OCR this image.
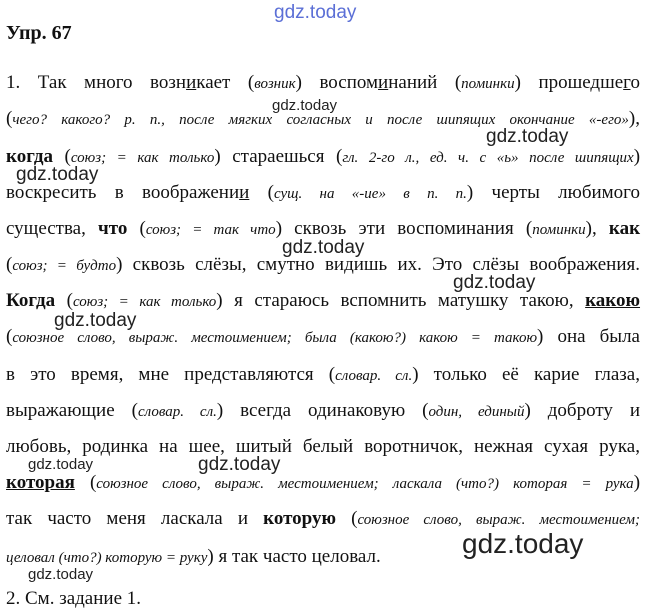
gdz.today
Упр. 67
1. Так много возникает (возник) воспоминаний (поминки) прошедшего
gdz.today
(чего? какого? р. п., после мягких согласных и после шипящих окончание «-его»),
gdz.today
когда (союз; = как только) стараешься (гл. 2-го л., ед. ч. с «ь» после шипящих)
gdz.today
воскресить в воображении (сущ. на «-ие» в п. п.) черты любимого
существа, что (союз; = так что) сквозь эти воспоминания (поминки), как
gdz.today
(союз; = будто) сквозь слёзы, смутно видишь их. Это слёзы воображения.
gdz.today
Когда (союз; = как только) я стараюсь вспомнить матушку такою, какою
gdz.today
(союзное слово, выраж. местоимением; была (какою?) какою = такою) она была
в это время, мне представляются (словар. сл.) только её карие глаза,
выражающие (словар. сл.) всегда одинаковую (один, единый) доброту и
любовь, родинка на шее, шитый белый воротничок, нежная сухая рука,
gdz.today	gdz.today
которая (союзное слово, выраж. местоимением; ласкала (что?) которая = рука)
так часто меня ласкала и которую (союзное слово, выраж. местоимением;
gdz.today
целовал (что?) которую = руку) я так часто целовал.
gdz.today
2. См. задание 1.
